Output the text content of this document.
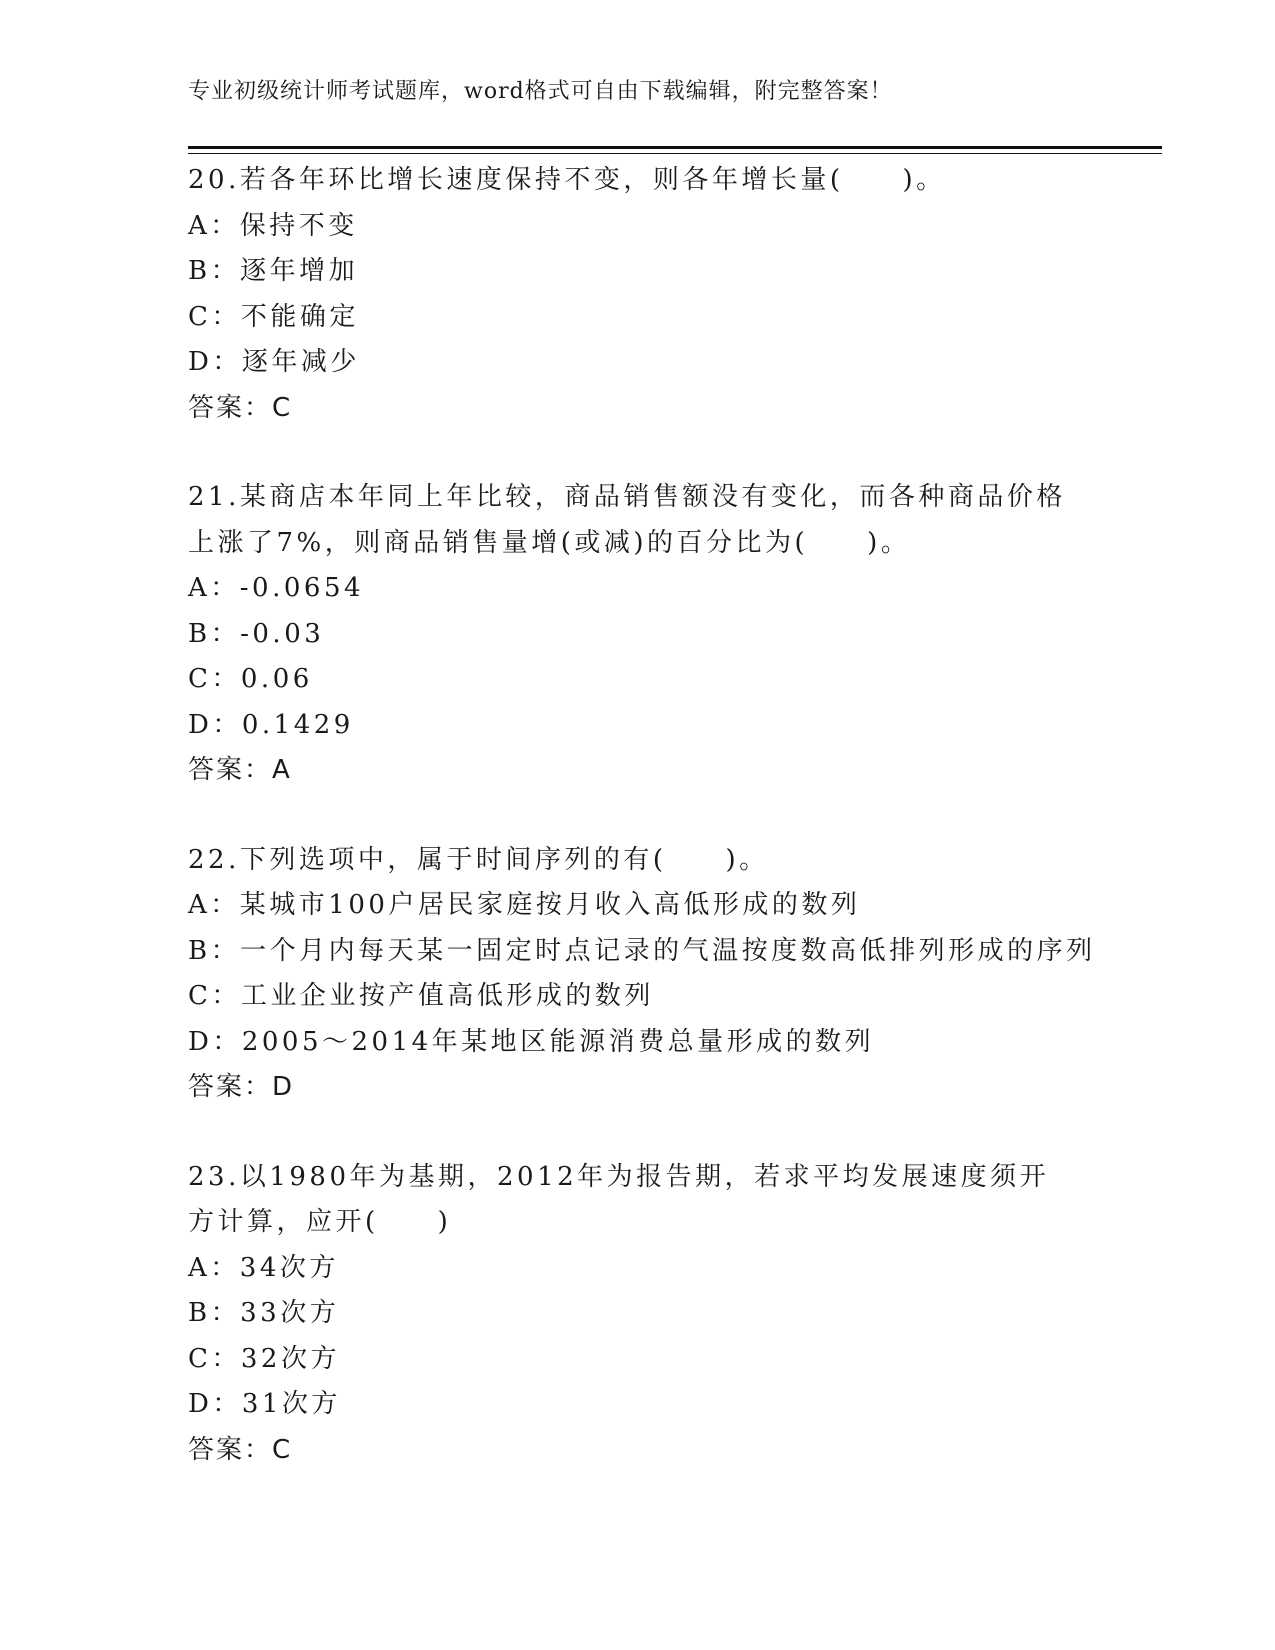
专业初级统计师考试题库，word格式可自由下载编辑，附完整答案！
20.若各年环比增长速度保持不变，则各年增长量(　　)。
A：保持不变
B：逐年增加
C：不能确定
D：逐年减少
答案：C
21.某商店本年同上年比较，商品销售额没有变化，而各种商品价格上涨了7%，则商品销售量增(或减)的百分比为(　　)。
A：-0.0654
B：-0.03
C：0.06
D：0.1429
答案：A
22.下列选项中，属于时间序列的有(　　)。
A：某城市100户居民家庭按月收入高低形成的数列
B：一个月内每天某一固定时点记录的气温按度数高低排列形成的序列
C：工业企业按产值高低形成的数列
D：2005～2014年某地区能源消费总量形成的数列
答案：D
23.以1980年为基期，2012年为报告期，若求平均发展速度须开方计算，应开(　　)
A：34次方
B：33次方
C：32次方
D：31次方
答案：C
